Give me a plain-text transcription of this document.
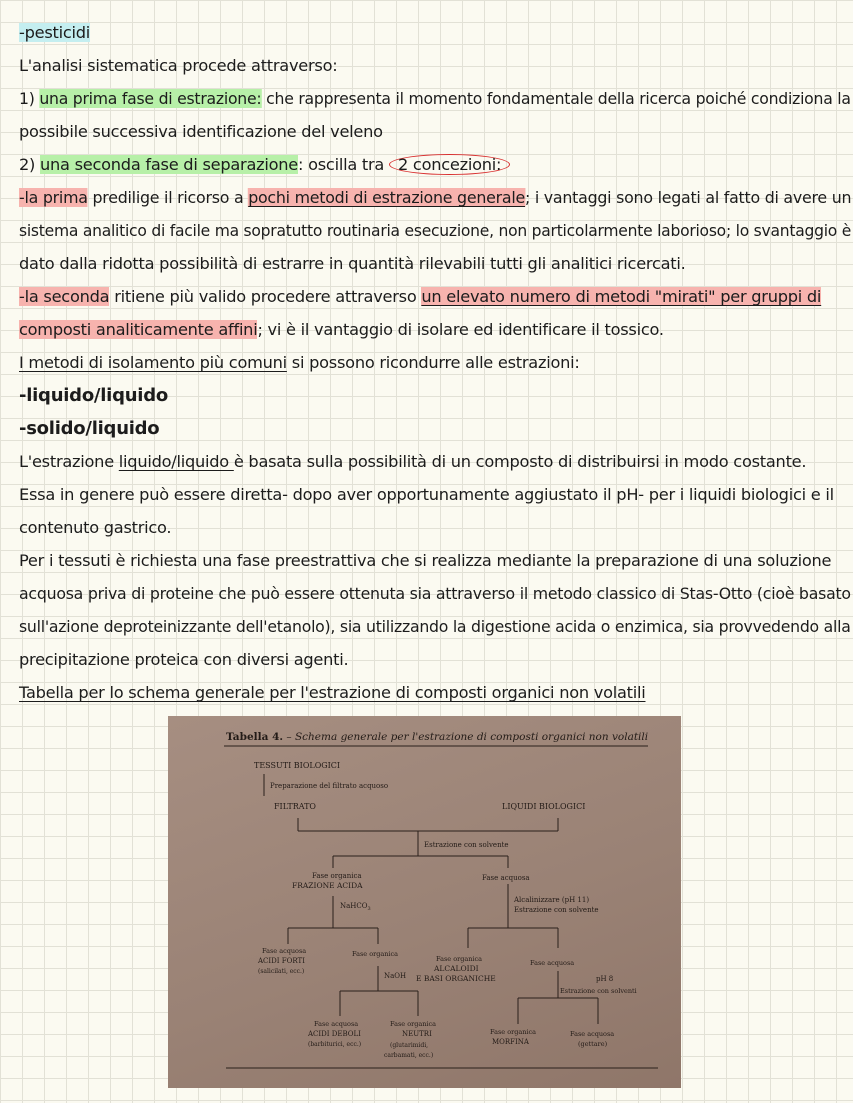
-pesticidi
L'analisi sistematica procede attraverso:
1) una prima fase di estrazione: che rappresenta il momento fondamentale della ricerca poiché condiziona la
possibile successiva identificazione del veleno
2) una seconda fase di separazione: oscilla tra 2 concezioni:
-la prima predilige il ricorso a pochi metodi di estrazione generale; i vantaggi sono legati al fatto di avere un
sistema analitico di facile ma sopratutto routinaria esecuzione, non particolarmente laborioso; lo svantaggio è
dato dalla ridotta possibilità di estrarre in quantità rilevabili tutti gli analitici ricercati.
-la seconda ritiene più valido procedere attraverso un elevato numero di metodi "mirati" per gruppi di
composti analiticamente affini; vi è il vantaggio di isolare ed identificare il tossico.
I metodi di isolamento più comuni si possono ricondurre alle estrazioni:
-liquido/liquido
-solido/liquido
L'estrazione liquido/liquido è basata sulla possibilità di un composto di distribuirsi in modo costante.
Essa in genere può essere diretta- dopo aver opportunamente aggiustato il pH- per i liquidi biologici e il
contenuto gastrico.
Per i tessuti è richiesta una fase preestrattiva che si realizza mediante la preparazione di una soluzione
acquosa priva di proteine che può essere ottenuta sia attraverso il metodo classico di Stas-Otto (cioè basato
sull'azione deproteinizzante dell'etanolo), sia utilizzando la digestione acida o enzimica, sia provvedendo alla
precipitazione proteica con diversi agenti.
Tabella per lo schema generale per l'estrazione di composti organici non volatili
Tabella 4. – Schema generale per l'estrazione di composti organici non volatili
TESSUTI BIOLOGICI
Preparazione del filtrato acquoso
FILTRATO	LIQUIDI BIOLOGICI
Estrazione con solvente
Fase organica
FRAZIONE ACIDA
Fase acquosa
NaHCO$_3$
Alcalinizzare (pH 11)
Estrazione con solvente
Fase acquosa
ACIDI FORTI
(salicilati, ecc.)
Fase organica
NaOH
Fase organica
ALCALOIDI
E BASI ORGANICHE
Fase acquosa
pH 8
Estrazione con solventi
Fase acquosa
ACIDI DEBOLI
(barbiturici, ecc.)
Fase organica
NEUTRI
(glutarimidi,
carbamati, ecc.)
Fase organica
MORFINA
Fase acquosa
(gettare)
